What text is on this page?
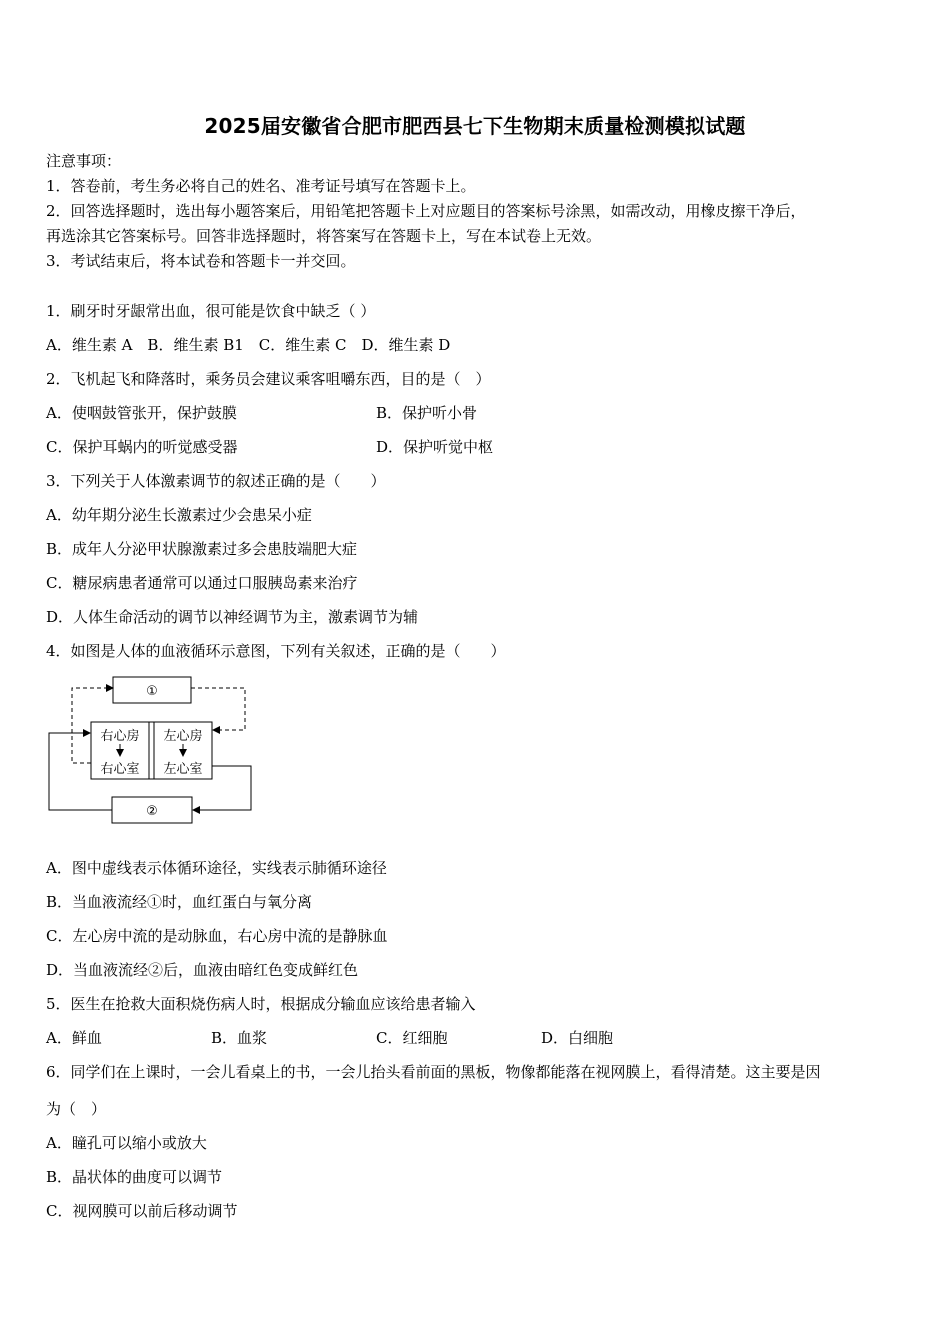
2025届安徽省合肥市肥西县七下生物期末质量检测模拟试题
注意事项：
1．答卷前，考生务必将自己的姓名、准考证号填写在答题卡上。
2．回答选择题时，选出每小题答案后，用铅笔把答题卡上对应题目的答案标号涂黑，如需改动，用橡皮擦干净后，
再选涂其它答案标号。回答非选择题时，将答案写在答题卡上，写在本试卷上无效。
3．考试结束后，将本试卷和答题卡一并交回。
1．刷牙时牙龈常出血，很可能是饮食中缺乏（ ）
A．维生素 A　B．维生素 B1　C．维生素 C　D．维生素 D
2．飞机起飞和降落时，乘务员会建议乘客咀嚼东西，目的是（　）
A．使咽鼓管张开，保护鼓膜	B．保护听小骨
C．保护耳蜗内的听觉感受器	D．保护听觉中枢
3．下列关于人体激素调节的叙述正确的是（　　）
A．幼年期分泌生长激素过少会患呆小症
B．成年人分泌甲状腺激素过多会患肢端肥大症
C．糖尿病患者通常可以通过口服胰岛素来治疗
D．人体生命活动的调节以神经调节为主，激素调节为辅
4．如图是人体的血液循环示意图，下列有关叙述，正确的是（　　）
①
②
右心房 左心房
右心室 左心室
A．图中虚线表示体循环途径，实线表示肺循环途径
B．当血液流经①时，血红蛋白与氧分离
C．左心房中流的是动脉血，右心房中流的是静脉血
D．当血液流经②后，血液由暗红色变成鲜红色
5．医生在抢救大面积烧伤病人时，根据成分输血应该给患者输入
A．鲜血	B．血浆	C．红细胞	D．白细胞
6．同学们在上课时，一会儿看桌上的书，一会儿抬头看前面的黑板，物像都能落在视网膜上，看得清楚。这主要是因
为（　）
A．瞳孔可以缩小或放大
B．晶状体的曲度可以调节
C．视网膜可以前后移动调节
